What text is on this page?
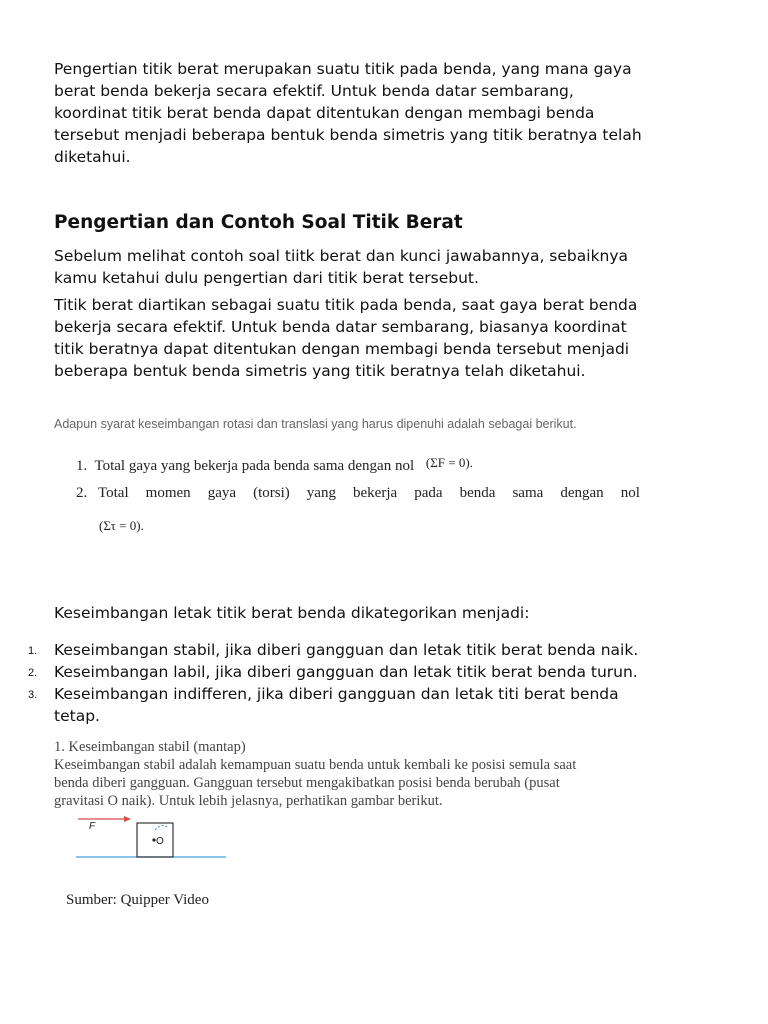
Pengertian titik berat merupakan suatu titik pada benda, yang mana gaya
berat benda bekerja secara efektif. Untuk benda datar sembarang,
koordinat titik berat benda dapat ditentukan dengan membagi benda
tersebut menjadi beberapa bentuk benda simetris yang titik beratnya telah
diketahui.
Pengertian dan Contoh Soal Titik Berat
Sebelum melihat contoh soal tiitk berat dan kunci jawabannya, sebaiknya
kamu ketahui dulu pengertian dari titik berat tersebut.
Titik berat diartikan sebagai suatu titik pada benda, saat gaya berat benda
bekerja secara efektif. Untuk benda datar sembarang, biasanya koordinat
titik beratnya dapat ditentukan dengan membagi benda tersebut menjadi
beberapa bentuk benda simetris yang titik beratnya telah diketahui.
Adapun syarat keseimbangan rotasi dan translasi yang harus dipenuhi adalah sebagai berikut.
1. Total gaya yang bekerja pada benda sama dengan nol (ΣF = 0).
2. Total momen gaya (torsi) yang bekerja pada benda sama dengan nol
(Στ = 0).
Keseimbangan letak titik berat benda dikategorikan menjadi:
1. Keseimbangan stabil, jika diberi gangguan dan letak titik berat benda naik.
2. Keseimbangan labil, jika diberi gangguan dan letak titik berat benda turun.
3. Keseimbangan indifferen, jika diberi gangguan dan letak titi berat benda
tetap.
1. Keseimbangan stabil (mantap)
Keseimbangan stabil adalah kemampuan suatu benda untuk kembali ke posisi semula saat
benda diberi gangguan. Gangguan tersebut mengakibatkan posisi benda berubah (pusat
gravitasi O naik). Untuk lebih jelasnya, perhatikan gambar berikut.
F
O
Sumber: Quipper Video
